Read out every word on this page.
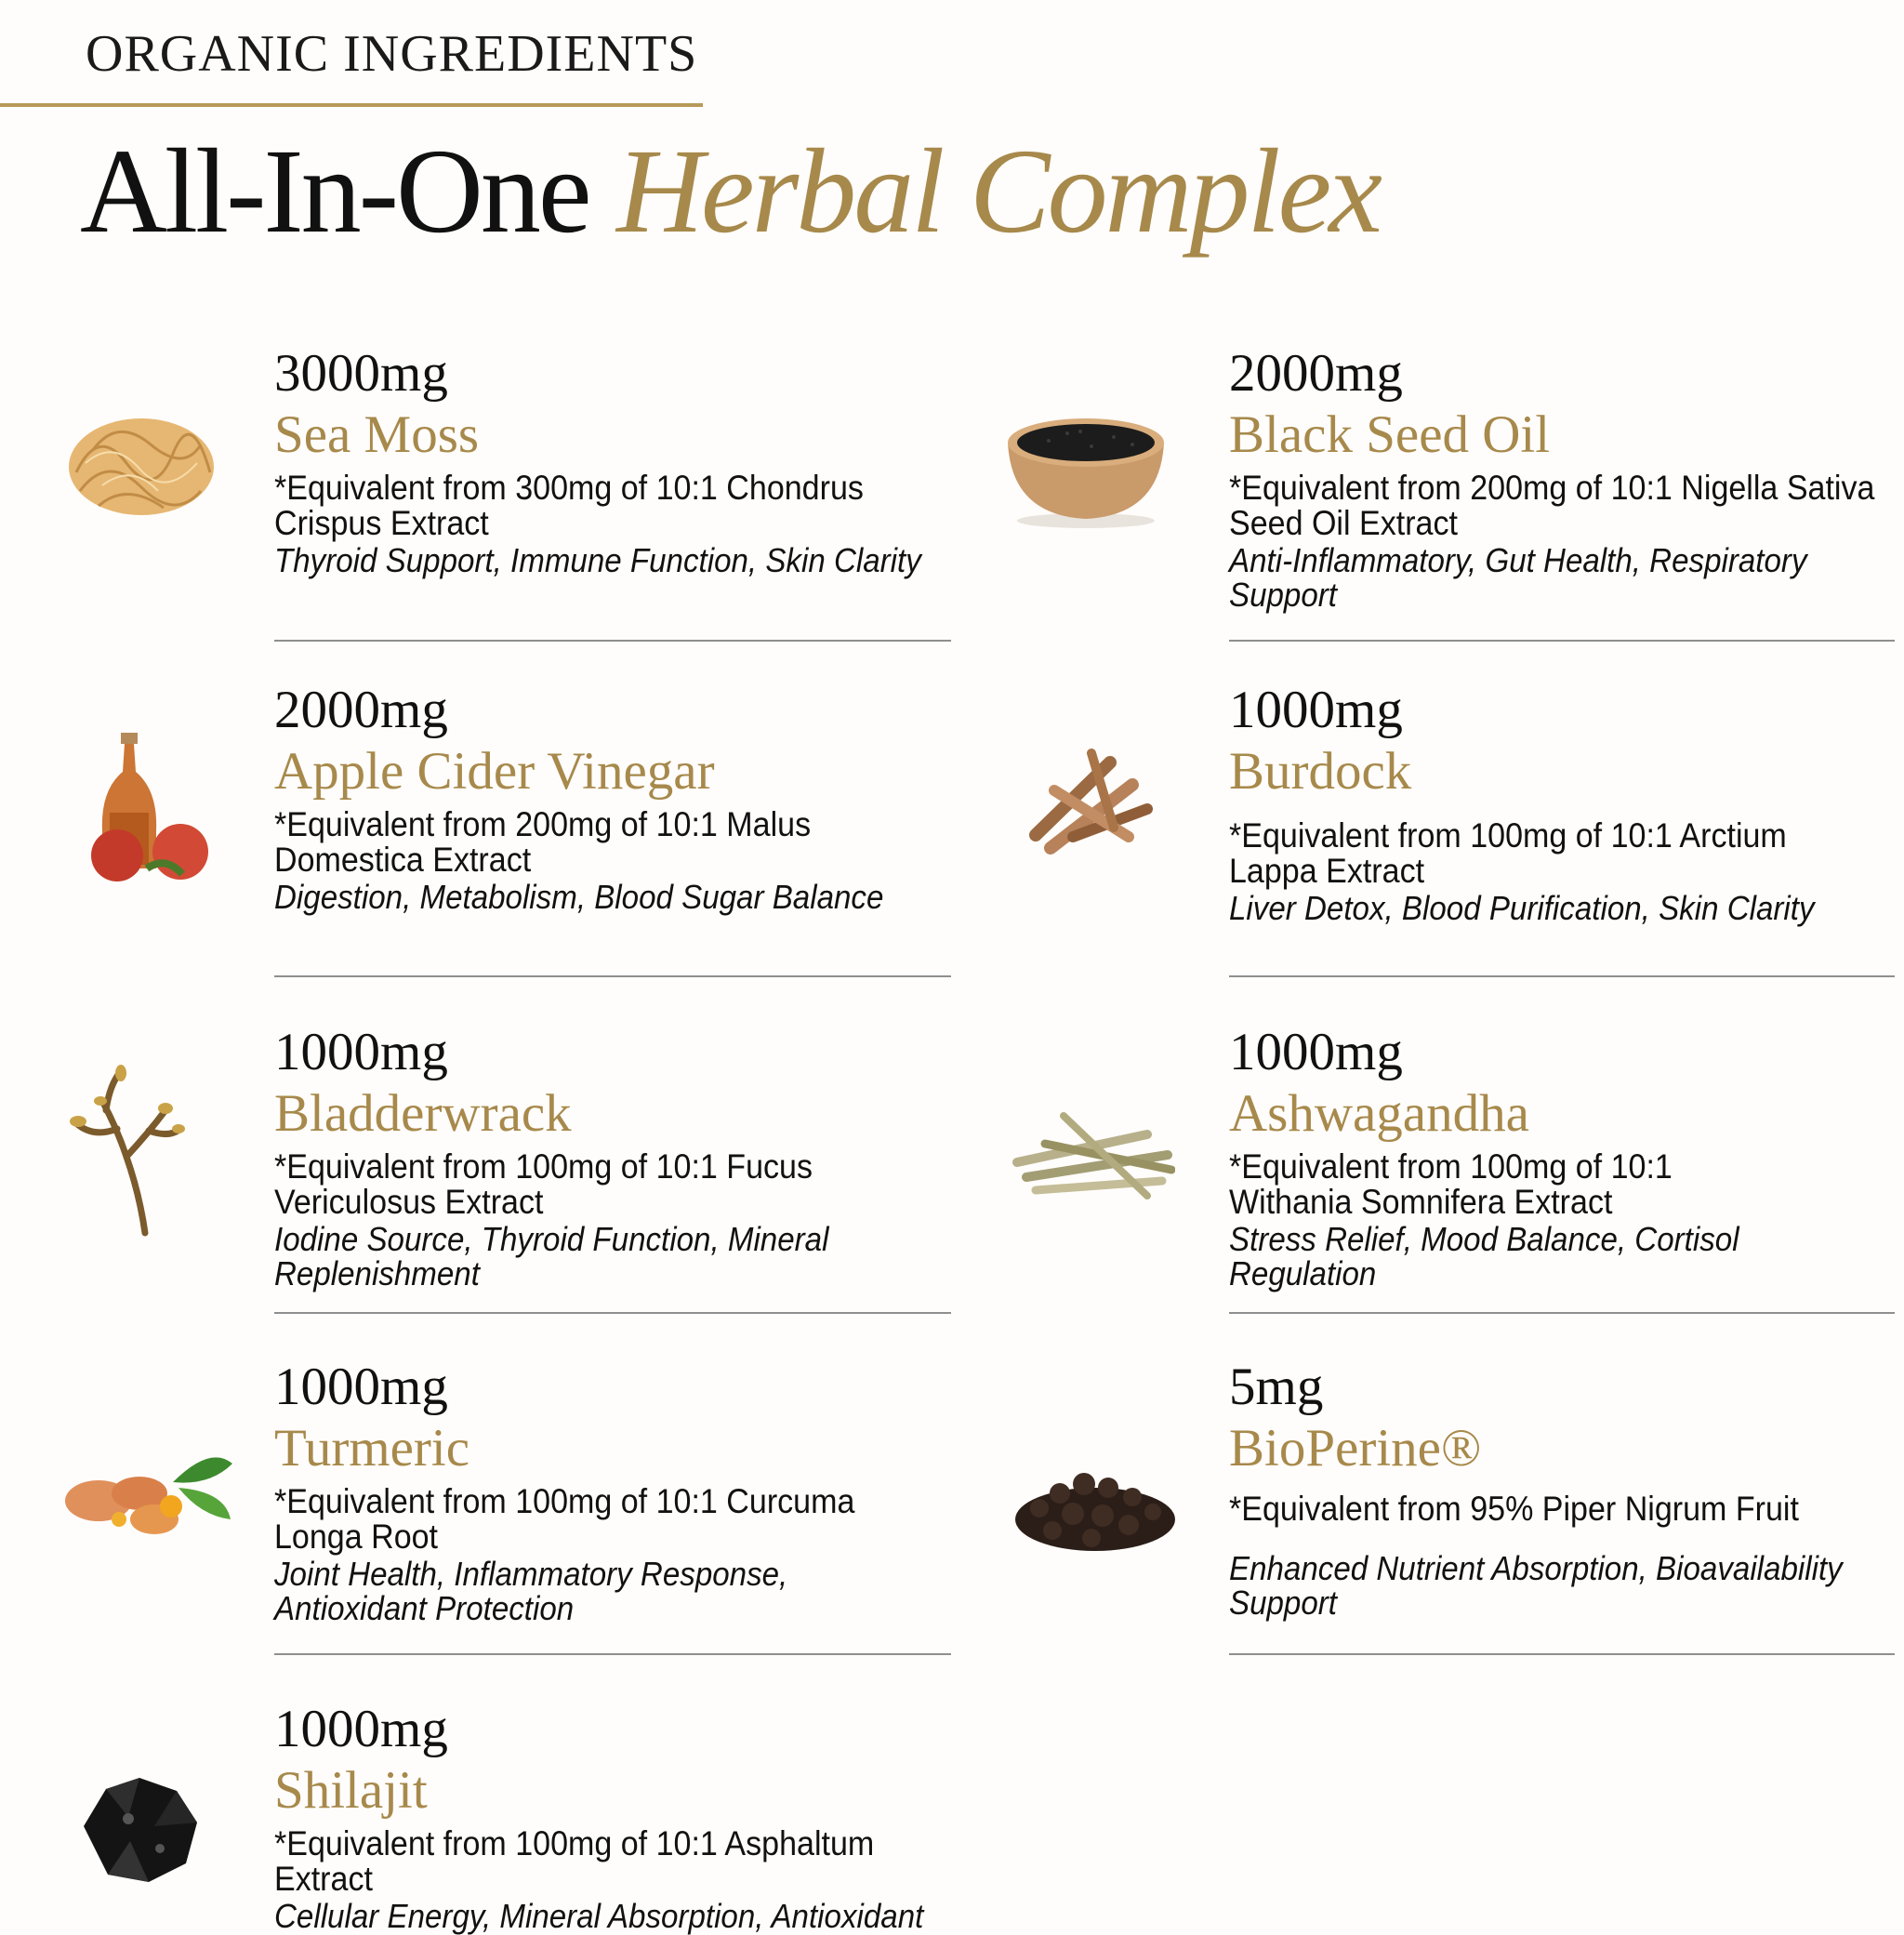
ORGANIC INGREDIENTS
All-In-One Herbal Complex
3000mg
Sea Moss
*Equivalent from 300mg of 10:1 Chondrus Crispus Extract
Thyroid Support, Immune Function, Skin Clarity
2000mg
Black Seed Oil
*Equivalent from 200mg of 10:1 Nigella Sativa Seed Oil Extract
Anti-Inflammatory, Gut Health, Respiratory Support
2000mg
Apple Cider Vinegar
*Equivalent from 200mg of 10:1 Malus Domestica Extract
Digestion, Metabolism, Blood Sugar Balance
1000mg
Burdock
*Equivalent from 100mg of 10:1 Arctium Lappa Extract
Liver Detox, Blood Purification, Skin Clarity
1000mg
Bladderwrack
*Equivalent from 100mg of 10:1 Fucus Vericulosus Extract
Iodine Source, Thyroid Function, Mineral Replenishment
1000mg
Ashwagandha
*Equivalent from 100mg of 10:1 Withania Somnifera Extract
Stress Relief, Mood Balance, Cortisol Regulation
1000mg
Turmeric
*Equivalent from 100mg of 10:1 Curcuma Longa Root
Joint Health, Inflammatory Response, Antioxidant Protection
5mg
BioPerine®
*Equivalent from 95% Piper Nigrum Fruit
Enhanced Nutrient Absorption, Bioavailability Support
1000mg
Shilajit
*Equivalent from 100mg of 10:1 Asphaltum Extract
Cellular Energy, Mineral Absorption, Antioxidant
